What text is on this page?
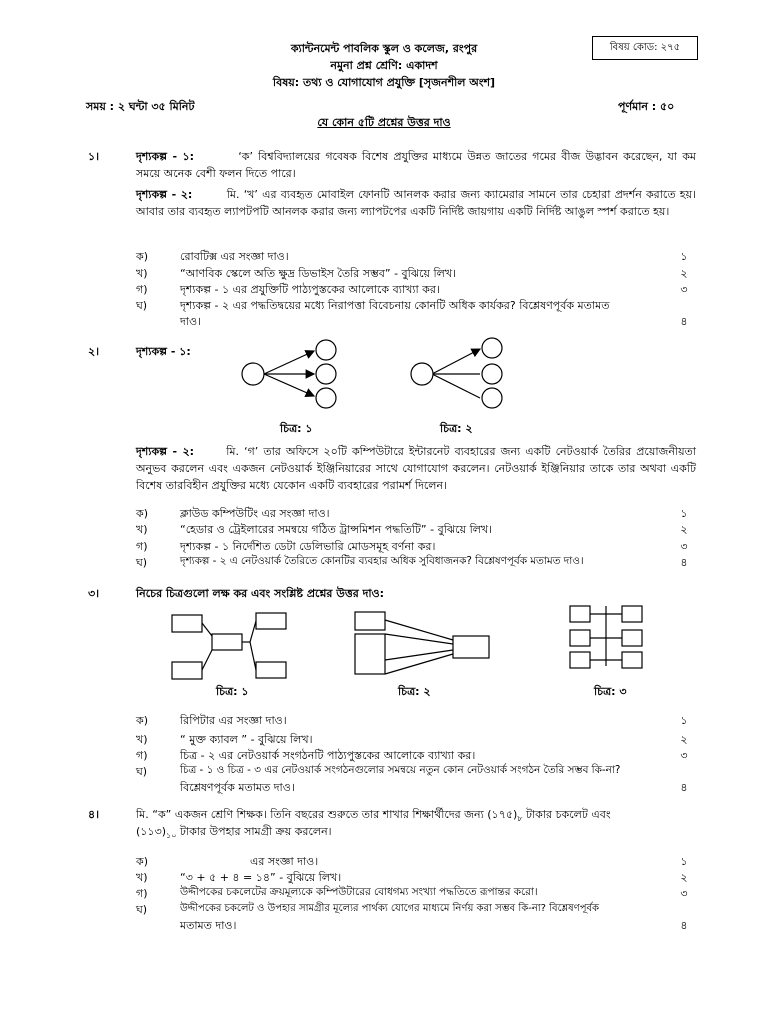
ক্যান্টনমেন্ট পাবলিক স্কুল ও কলেজ, রংপুর
নমুনা প্রশ্ন শ্রেণি: একাদশ
বিষয়: তথ্য ও যোগাযোগ প্রযুক্তি [সৃজনশীল অংশ]
বিষয় কোড: ২৭৫
সময় : ২ ঘন্টা ৩৫ মিনিট	পূর্ণমান : ৫০
যে কোন ৫টি প্রশ্নের উত্তর দাও
১।	দৃশ্যকল্প - ১:	‘ক’ বিশ্ববিদ্যালয়ের গবেষক বিশেষ প্রযুক্তির মাধ্যমে উন্নত জাতের গমের বীজ উদ্ভাবন করেছেন, যা কম সময়ে অনেক বেশী ফলন দিতে পারে।
দৃশ্যকল্প - ২:	মি. ‘খ’ এর ব্যবহৃত মোবাইল ফোনটি আনলক করার জন্য ক্যামেরার সামনে তার চেহারা প্রদর্শন করাতে হয়। আবার তার ব্যবহৃত ল্যাপটপটি আনলক করার জন্য ল্যাপটপের একটি নির্দিষ্ট জায়গায় একটি নির্দিষ্ট আঙুল স্পর্শ করাতে হয়।
ক)	রোবটিক্স এর সংজ্ঞা দাও।	১
খ)	“আণবিক স্কেলে অতি ক্ষুদ্র ডিভাইস তৈরি সম্ভব” - বুঝিয়ে লিখ।	২
গ)	দৃশ্যকল্প - ১ এর প্রযুক্তিটি পাঠ্যপুস্তকের আলোকে ব্যাখ্যা কর।	৩
ঘ)	দৃশ্যকল্প - ২ এর পদ্ধতিদ্বয়ের মধ্যে নিরাপত্তা বিবেচনায় কোনটি অধিক কার্যকর? বিশ্লেষণপূর্বক মতামত
দাও।	৪
২।	দৃশ্যকল্প - ১:
চিত্র: ১	চিত্র: ২
দৃশ্যকল্প - ২:	মি. ‘গ’ তার অফিসে ২০টি কম্পিউটারে ইন্টারনেট ব্যবহারের জন্য একটি নেটওয়ার্ক তৈরির প্রয়োজনীয়তা অনুভব করলেন এবং একজন নেটওয়ার্ক ইঞ্জিনিয়ারের সাথে যোগাযোগ করলেন। নেটওয়ার্ক ইঞ্জিনিয়ার তাকে তার অথবা একটি বিশেষ তারবিহীন প্রযুক্তির মধ্যে যেকোন একটি ব্যবহারের পরামর্শ দিলেন।
ক)	ক্লাউড কম্পিউটিং এর সংজ্ঞা দাও।	১
খ)	“হেডার ও ট্রেইলারের সমন্বয়ে গঠিত ট্রান্সমিশন পদ্ধতিটি” - বুঝিয়ে লিখ।	২
গ)	দৃশ্যকল্প - ১ নির্দেশিত ডেটা ডেলিভারি মোডসমূহ বর্ণনা কর।	৩
ঘ)	দৃশ্যকল্প - ২ এ নেটওয়ার্ক তৈরিতে কোনটির ব্যবহার অধিক সুবিধাজনক? বিশ্লেষণপূর্বক মতামত দাও।	৪
৩।	নিচের চিত্রগুলো লক্ষ কর এবং সংশ্লিষ্ট প্রশ্নের উত্তর দাও:
চিত্র: ১	চিত্র: ২	চিত্র: ৩
ক)	রিপিটার এর সংজ্ঞা দাও।	১
খ)	“ মুক্ত ক্যাবল ” - বুঝিয়ে লিখ।	২
গ)	চিত্র - ২ এর নেটওয়ার্ক সংগঠনটি পাঠ্যপুস্তকের আলোকে ব্যাখ্যা কর।	৩
ঘ)	চিত্র - ১ ও চিত্র - ৩ এর নেটওয়ার্ক সংগঠনগুলোর সমন্বয়ে নতুন কোন নেটওয়ার্ক সংগঠন তৈরি সম্ভব কি-না?
বিশ্লেষণপূর্বক মতামত দাও।	৪
৪।	মি. “ক” একজন শ্রেণি শিক্ষক। তিনি বছরের শুরুতে তার শাখার শিক্ষার্থীদের জন্য $(১৭৫)_৮$ টাকার চকলেট এবং
$(১১৩)_{১০}$ টাকার উপহার সামগ্রী ক্রয় করলেন।
ক)	এর সংজ্ঞা দাও।	১
খ)	“৩ + ৫ + ৪ = ১৪” - বুঝিয়ে লিখ।	২
গ)	উদ্দীপকের চকলেটের ক্রয়মূল্যকে কম্পিউটারের বোধগম্য সংখ্যা পদ্ধতিতে রূপান্তর করো।	৩
ঘ)	উদ্দীপকের চকলেট ও উপহার সামগ্রীর মূল্যের পার্থক্য যোগের মাধ্যমে নির্ণয় করা সম্ভব কি-না? বিশ্লেষণপূর্বক
মতামত দাও।	৪
